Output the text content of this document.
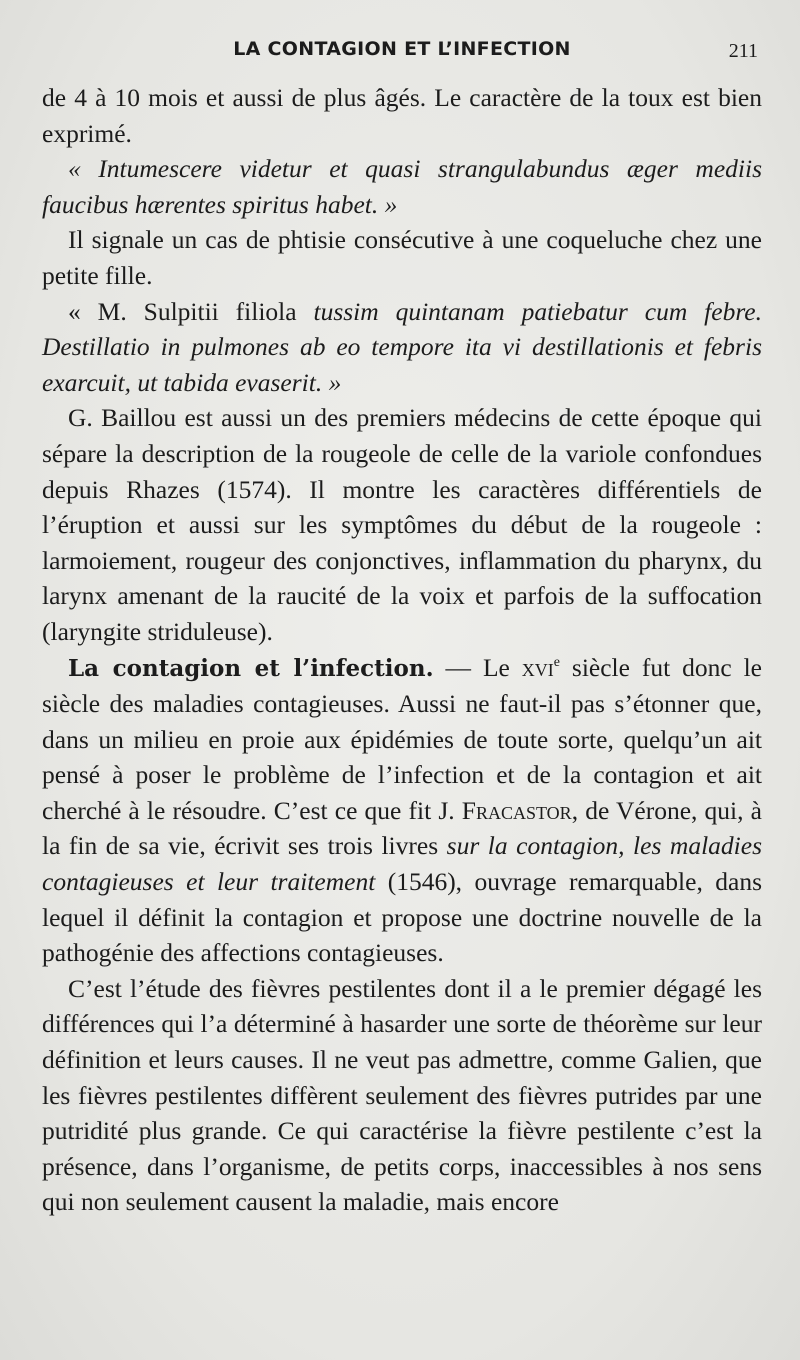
LA CONTAGION ET L’INFECTION	211

de 4 à 10 mois et aussi de plus âgés. Le caractère de la toux est bien exprimé.

« Intumescere videtur et quasi strangulabundus æger mediis faucibus hærentes spiritus habet. »

Il signale un cas de phtisie consécutive à une coqueluche chez une petite fille.

« M. Sulpitii filiola tussim quintanam patiebatur cum febre. Destillatio in pulmones ab eo tempore ita vi destillationis et febris exarcuit, ut tabida evaserit. »

G. Baillou est aussi un des premiers médecins de cette époque qui sépare la description de la rougeole de celle de la variole confondues depuis Rhazes (1574). Il montre les caractères différentiels de l’éruption et aussi sur les symptômes du début de la rougeole : larmoiement, rougeur des conjonctives, inflammation du pharynx, du larynx amenant de la raucité de la voix et parfois de la suffocation (laryngite striduleuse).

La contagion et l’infection. — Le xvi$^e$ siècle fut donc le siècle des maladies contagieuses. Aussi ne faut-il pas s’étonner que, dans un milieu en proie aux épidémies de toute sorte, quelqu’un ait pensé à poser le problème de l’infection et de la contagion et ait cherché à le résoudre. C’est ce que fit J. Fracastor, de Vérone, qui, à la fin de sa vie, écrivit ses trois livres sur la contagion, les maladies contagieuses et leur traitement (1546), ouvrage remarquable, dans lequel il définit la contagion et propose une doctrine nouvelle de la pathogénie des affections contagieuses.

C’est l’étude des fièvres pestilentes dont il a le premier dégagé les différences qui l’a déterminé à hasarder une sorte de théorème sur leur définition et leurs causes. Il ne veut pas admettre, comme Galien, que les fièvres pestilentes diffèrent seulement des fièvres putrides par une putridité plus grande. Ce qui caractérise la fièvre pestilente c’est la présence, dans l’organisme, de petits corps, inaccessibles à nos sens qui non seulement causent la maladie, mais encore
